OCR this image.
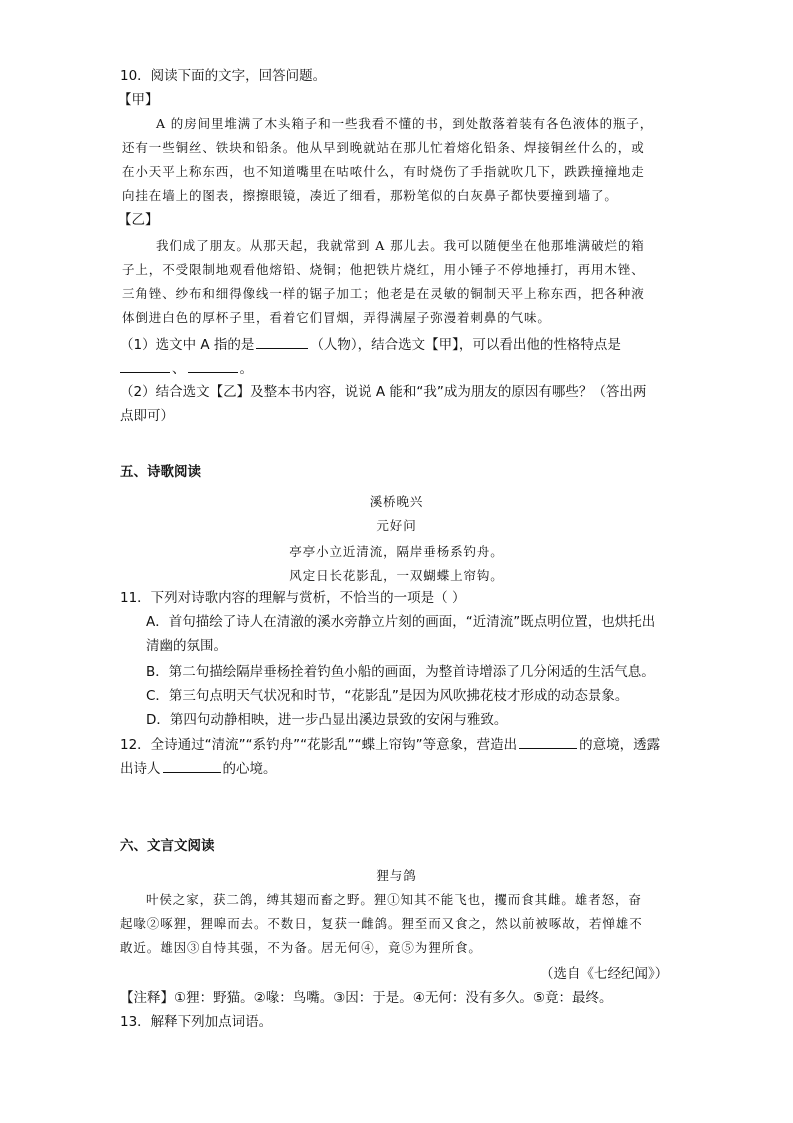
10．阅读下面的文字，回答问题。
【甲】
A 的房间里堆满了木头箱子和一些我看不懂的书，到处散落着装有各色液体的瓶子，
还有一些铜丝、铁块和铅条。他从早到晚就站在那儿忙着熔化铅条、焊接铜丝什么的，或
在小天平上称东西，也不知道嘴里在咕哝什么，有时烧伤了手指就吹几下，跌跌撞撞地走
向挂在墙上的图表，擦擦眼镜，凑近了细看，那粉笔似的白灰鼻子都快要撞到墙了。
【乙】
我们成了朋友。从那天起，我就常到 A 那儿去。我可以随便坐在他那堆满破烂的箱
子上，不受限制地观看他熔铅、烧铜；他把铁片烧红，用小锤子不停地捶打，再用木锉、
三角锉、纱布和细得像线一样的锯子加工；他老是在灵敏的铜制天平上称东西，把各种液
体倒进白色的厚杯子里，看着它们冒烟，弄得满屋子弥漫着刺鼻的气味。
（1）选文中 A 指的是	（人物），结合选文【甲】，可以看出他的性格特点是
、	。
（2）结合选文【乙】及整本书内容，说说 A 能和“我”成为朋友的原因有哪些？（答出两
点即可）
五、诗歌阅读
溪桥晚兴
元好问
亭亭小立近清流，隔岸垂杨系钓舟。
风定日长花影乱，一双蝴蝶上帘钩。
11．下列对诗歌内容的理解与赏析，不恰当的一项是（ ）
A．首句描绘了诗人在清澈的溪水旁静立片刻的画面，“近清流”既点明位置，也烘托出
清幽的氛围。
B．第二句描绘隔岸垂杨拴着钓鱼小船的画面，为整首诗增添了几分闲适的生活气息。
C．第三句点明天气状况和时节，“花影乱”是因为风吹拂花枝才形成的动态景象。
D．第四句动静相映，进一步凸显出溪边景致的安闲与雅致。
12．全诗通过“清流”“系钓舟”“花影乱”“蝶上帘钩”等意象，营造出	的意境，透露
出诗人	的心境。
六、文言文阅读
狸与鸽
叶侯之家，获二鸽，缚其翅而畜之野。狸①知其不能飞也，攫而食其雌。雄者怒，奋
起喙②啄狸，狸嗥而去。不数日，复获一雌鸽。狸至而又食之，然以前被啄故，若惮雄不
敢近。雄因③自恃其强，不为备。居无何④，竟⑤为狸所食。
（选自《七经纪闻》）
【注释】①狸：野猫。②喙：鸟嘴。③因：于是。④无何：没有多久。⑤竟：最终。
13．解释下列加点词语。
